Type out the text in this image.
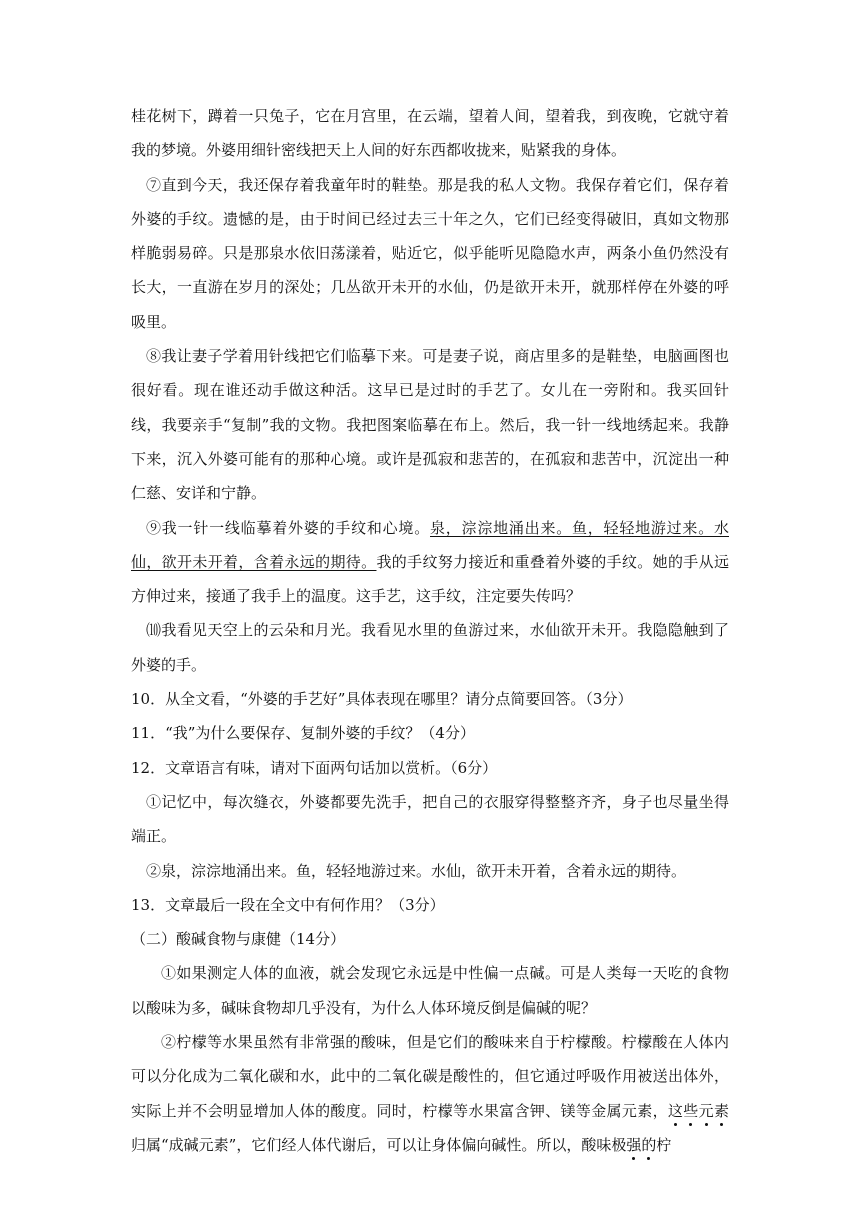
桂花树下，蹲着一只兔子，它在月宫里，在云端，望着人间，望着我，到夜晚，它就守着我的梦境。外婆用细针密线把天上人间的好东西都收拢来，贴紧我的身体。

⑦直到今天，我还保存着我童年时的鞋垫。那是我的私人文物。我保存着它们，保存着外婆的手纹。遗憾的是，由于时间已经过去三十年之久，它们已经变得破旧，真如文物那样脆弱易碎。只是那泉水依旧荡漾着，贴近它，似乎能听见隐隐水声，两条小鱼仍然没有长大，一直游在岁月的深处；几丛欲开未开的水仙，仍是欲开未开，就那样停在外婆的呼吸里。

⑧我让妻子学着用针线把它们临摹下来。可是妻子说，商店里多的是鞋垫，电脑画图也很好看。现在谁还动手做这种活。这早已是过时的手艺了。女儿在一旁附和。我买回针线，我要亲手“复制”我的文物。我把图案临摹在布上。然后，我一针一线地绣起来。我静下来，沉入外婆可能有的那种心境。或许是孤寂和悲苦的，在孤寂和悲苦中，沉淀出一种仁慈、安详和宁静。

⑨我一针一线临摹着外婆的手纹和心境。泉，淙淙地涌出来。鱼，轻轻地游过来。水仙，欲开未开着，含着永远的期待。我的手纹努力接近和重叠着外婆的手纹。她的手从远方伸过来，接通了我手上的温度。这手艺，这手纹，注定要失传吗？

⑽我看见天空上的云朵和月光。我看见水里的鱼游过来，水仙欲开未开。我隐隐触到了外婆的手。

10．从全文看，“外婆的手艺好”具体表现在哪里？请分点简要回答。（3分）

11．“我”为什么要保存、复制外婆的手纹？（4分）

12．文章语言有味，请对下面两句话加以赏析。（6分）

①记忆中，每次缝衣，外婆都要先洗手，把自己的衣服穿得整整齐齐，身子也尽量坐得端正。

②泉，淙淙地涌出来。鱼，轻轻地游过来。水仙，欲开未开着，含着永远的期待。

13．文章最后一段在全文中有何作用？（3分）

（二）酸碱食物与康健（14分）

①如果测定人体的血液，就会发现它永远是中性偏一点碱。可是人类每一天吃的食物以酸味为多，碱味食物却几乎没有，为什么人体环境反倒是偏碱的呢？

②柠檬等水果虽然有非常强的酸味，但是它们的酸味来自于柠檬酸。柠檬酸在人体内可以分化成为二氧化碳和水，此中的二氧化碳是酸性的，但它通过呼吸作用被送出体外，实际上并不会明显增加人体的酸度。同时，柠檬等水果富含钾、镁等金属元素，这些元素归属“成碱元素”，它们经人体代谢后，可以让身体偏向碱性。所以，酸味极强的柠
